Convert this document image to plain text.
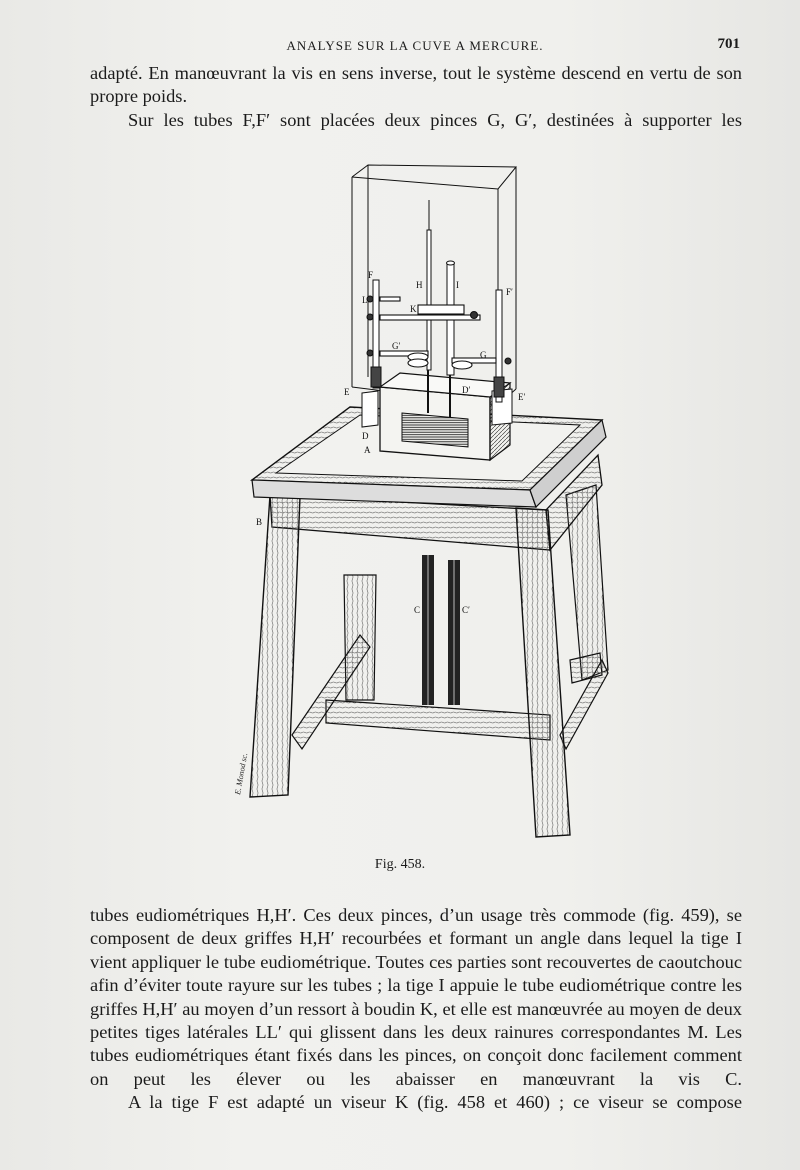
ANALYSE SUR LA CUVE A MERCURE.	701

adapté. En manœuvrant la vis en sens inverse, tout le système descend en vertu de son propre poids.

Sur les tubes F,F′ sont placées deux pinces G, G′, destinées à supporter les

F
F′
L
H	I
K
G
G′
D
D′
E	E′
A
B
C	C′
E. Monod sc.
Fig. 458.

tubes eudiométriques H,H′. Ces deux pinces, d’un usage très commode (fig. 459), se composent de deux griffes H,H′ recourbées et formant un angle dans lequel la tige I vient appliquer le tube eudiométrique. Toutes ces parties sont recouvertes de caoutchouc afin d’éviter toute rayure sur les tubes ; la tige I appuie le tube eudiométrique contre les griffes H,H′ au moyen d’un ressort à boudin K, et elle est manœuvrée au moyen de deux petites tiges latérales LL′ qui glissent dans les deux rainures correspondantes M. Les tubes eudiométriques étant fixés dans les pinces, on conçoit donc facilement comment on peut les élever ou les abaisser en manœuvrant la vis C.

A la tige F est adapté un viseur K (fig. 458 et 460) ; ce viseur se compose
